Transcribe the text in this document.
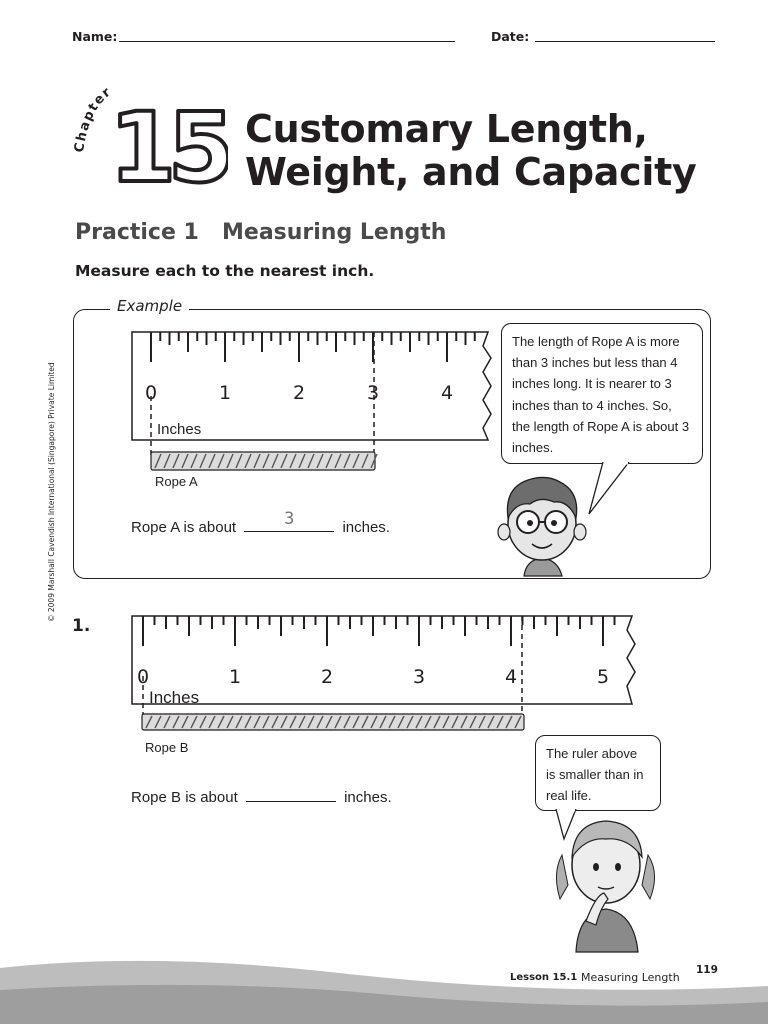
Name:	Date:
Chapter
15 Customary Length,
Weight, and Capacity
Practice 1 Measuring Length
Measure each to the nearest inch.
Example
0	1	2	3	4
Inches
Rope A
Rope A is about	3	inches.
The length of Rope A is more than 3 inches but less than 4 inches long. It is nearer to 3 inches than to 4 inches. So, the length of Rope A is about 3 inches.
1.
0	1	2	3	4	5
Inches
Rope B
Rope B is about	inches.
The ruler above is smaller than in real life.
© 2009 Marshall Cavendish International (Singapore) Private Limited
Lesson 15.1 Measuring Length
119
